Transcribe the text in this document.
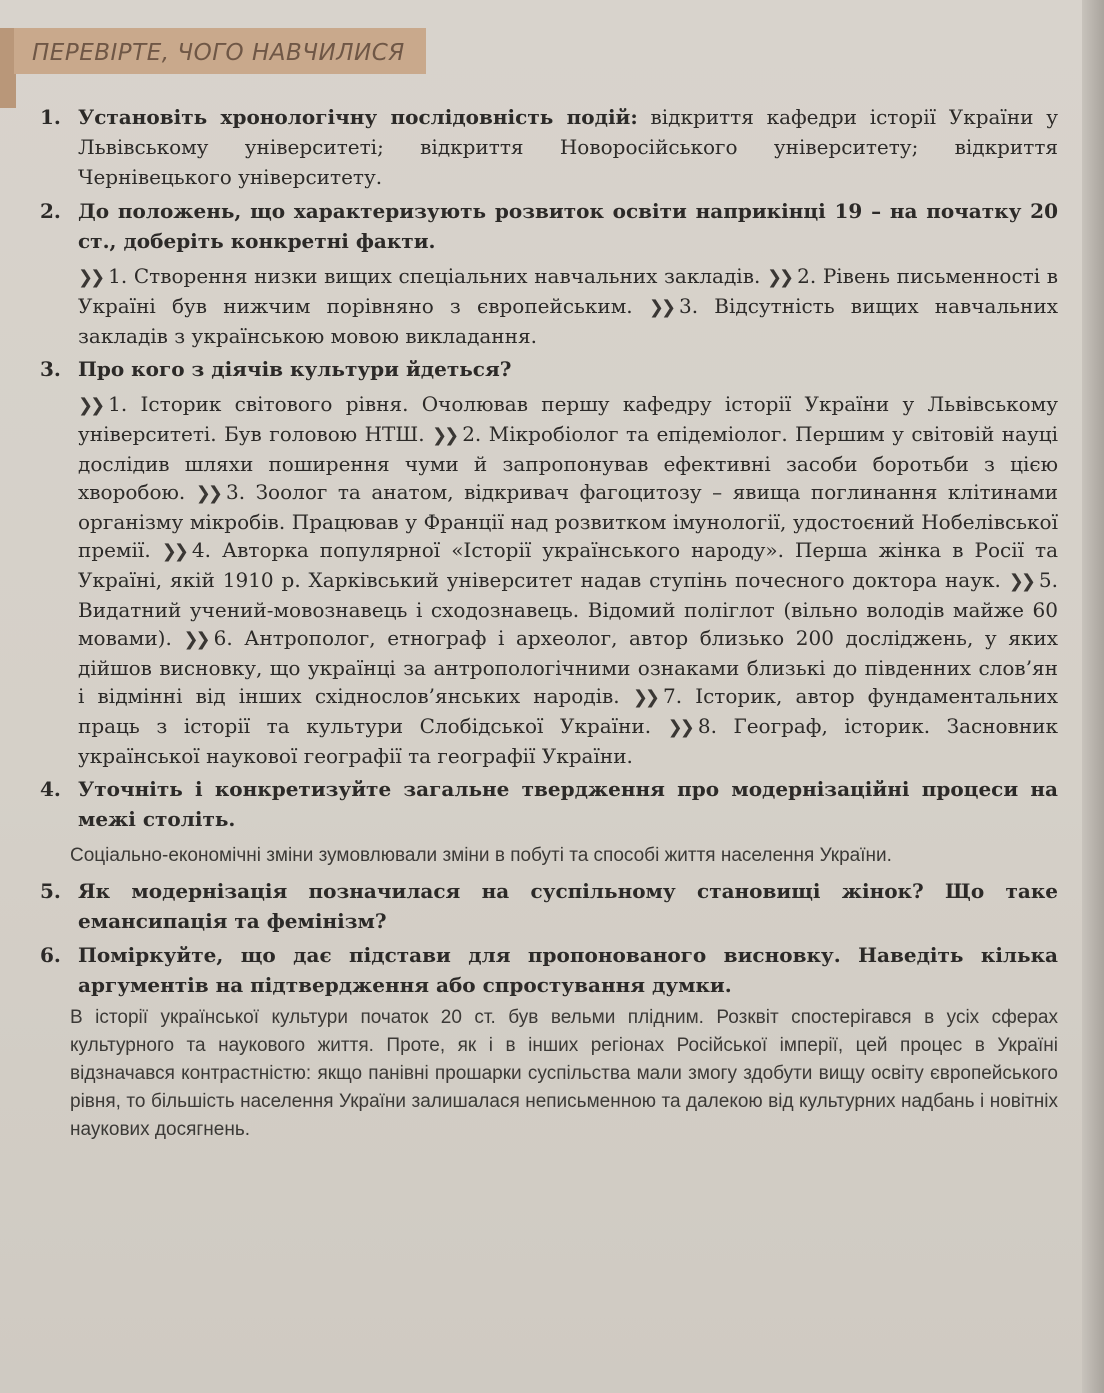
ПЕРЕВІРТЕ, ЧОГО НАВЧИЛИСЯ
1. Установіть хронологічну послідовність подій: відкриття кафедри історії України у Львівському університеті; відкриття Новоросійського університету; відкриття Чернівецького університету.
2. До положень, що характеризують розвиток освіти наприкінці 19 – на початку 20 ст., доберіть конкретні факти.
❯❯ 1. Створення низки вищих спеціальних навчальних закладів. ❯❯ 2. Рівень письменності в Україні був нижчим порівняно з європейським. ❯❯ 3. Відсутність вищих навчальних закладів з українською мовою викладання.
3. Про кого з діячів культури йдеться?
❯❯ 1. Історик світового рівня. Очолював першу кафедру історії України у Львівському університеті. Був головою НТШ. ❯❯ 2. Мікробіолог та епідеміолог. Першим у світовій науці дослідив шляхи поширення чуми й запропонував ефективні засоби боротьби з цією хворобою. ❯❯ 3. Зоолог та анатом, відкривач фагоцитозу – явища поглинання клітинами організму мікробів. Працював у Франції над розвитком імунології, удостоєний Нобелівської премії. ❯❯ 4. Авторка популярної «Історії українського народу». Перша жінка в Росії та Україні, якій 1910 р. Харківський університет надав ступінь почесного доктора наук. ❯❯ 5. Видатний учений-мовознавець і сходознавець. Відомий поліглот (вільно володів майже 60 мовами). ❯❯ 6. Антрополог, етнограф і археолог, автор близько 200 досліджень, у яких дійшов висновку, що українці за антропологічними ознаками близькі до південних слов’ян і відмінні від інших східнослов’янських народів. ❯❯ 7. Історик, автор фундаментальних праць з історії та культури Слобідської України. ❯❯ 8. Географ, історик. Засновник української наукової географії та географії України.
4. Уточніть і конкретизуйте загальне твердження про модернізаційні процеси на межі століть.
Соціально-економічні зміни зумовлювали зміни в побуті та способі життя населення України.
5. Як модернізація позначилася на суспільному становищі жінок? Що таке емансипація та фемінізм?
6. Поміркуйте, що дає підстави для пропонованого висновку. Наведіть кілька аргументів на підтвердження або спростування думки.
В історії української культури початок 20 ст. був вельми плідним. Розквіт спостерігався в усіх сферах культурного та наукового життя. Проте, як і в інших регіонах Російської імперії, цей процес в Україні відзначався контрастністю: якщо панівні прошарки суспільства мали змогу здобути вищу освіту європейського рівня, то більшість населення України залишалася неписьменною та далекою від культурних надбань і новітніх наукових досягнень.
